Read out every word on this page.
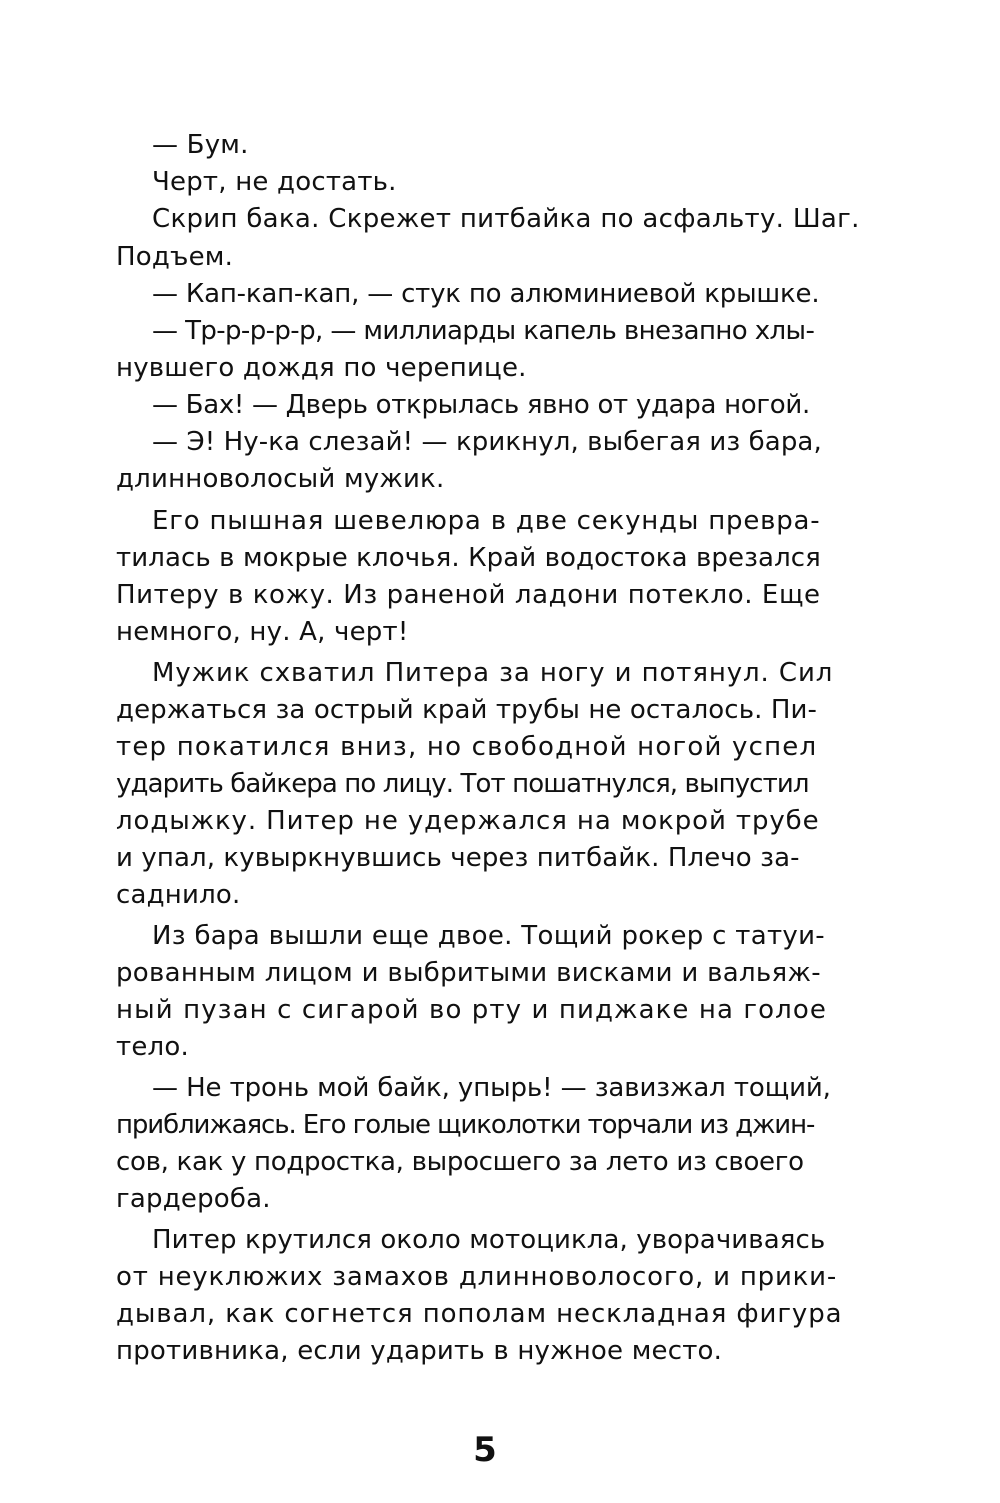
— Бум.
Черт, не достать.
Скрип бака. Скрежет питбайка по асфальту. Шаг.
Подъем.
— Кап-кап-кап, — стук по алюминиевой крышке.
— Тр-р-р-р-р, — миллиарды капель внезапно хлы-
нувшего дождя по черепице.
— Бах! — Дверь открылась явно от удара ногой.
— Э! Ну-ка слезай! — крикнул, выбегая из бара,
длинноволосый мужик.
Его пышная шевелюра в две секунды превра-
тилась в мокрые клочья. Край водостока врезался
Питеру в кожу. Из раненой ладони потекло. Еще
немного, ну. А, черт!
Мужик схватил Питера за ногу и потянул. Сил
держаться за острый край трубы не осталось. Пи-
тер покатился вниз, но свободной ногой успел
ударить байкера по лицу. Тот пошатнулся, выпустил
лодыжку. Питер не удержался на мокрой трубе
и упал, кувыркнувшись через питбайк. Плечо за-
саднило.
Из бара вышли еще двое. Тощий рокер с татуи-
рованным лицом и выбритыми висками и вальяж-
ный пузан с сигарой во рту и пиджаке на голое
тело.
— Не тронь мой байк, упырь! — завизжал тощий,
приближаясь. Его голые щиколотки торчали из джин-
сов, как у подростка, выросшего за лето из своего
гардероба.
Питер крутился около мотоцикла, уворачиваясь
от неуклюжих замахов длинноволосого, и прики-
дывал, как согнется пополам нескладная фигура
противника, если ударить в нужное место.
5
